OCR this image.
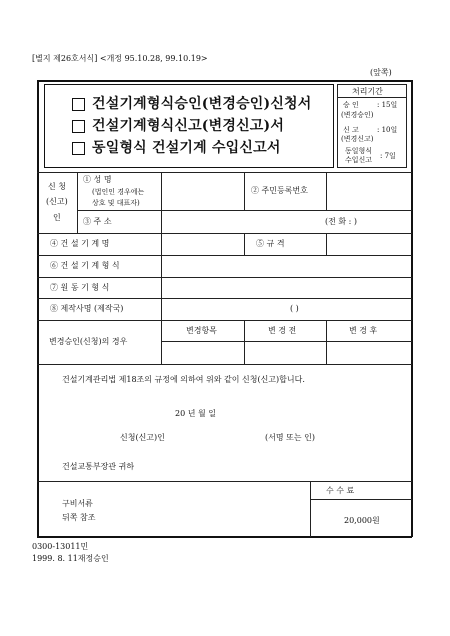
[별지 제26호서식] <개정 95.10.28, 99.10.19>
(앞쪽)
건설기계형식승인(변경승인)신청서
건설기계형식신고(변경신고)서
동일형식 건설기계 수입신고서
처리기간
승 인	: 15일
(변경승인)
신 고	: 10일
(변경신고)
동일형식
수입신고 : 7일
신 청
(신고)
인
① 성 명
(법인인 경우에는
상호 및 대표자)
② 주민등록번호
③ 주 소	(전 화 : )
④ 건 설 기 계 명	⑤ 규 격
⑥ 건 설 기 계 형 식
⑦ 원 동 기 형 식
⑧ 제작사명 (제작국)	( )
변경승인(신청)의 경우
변경항목	변 경 전	변 경 후
건설기계관리법 제18조의 규정에 의하여 위와 같이 신청(신고)합니다.
20 년 월 일
신청(신고)인	(서명 또는 인)
건설교통부장관 귀하
구비서류
뒤쪽 참조
수 수 료
20,000원
0300-13011민
1999. 8. 11재정승인
